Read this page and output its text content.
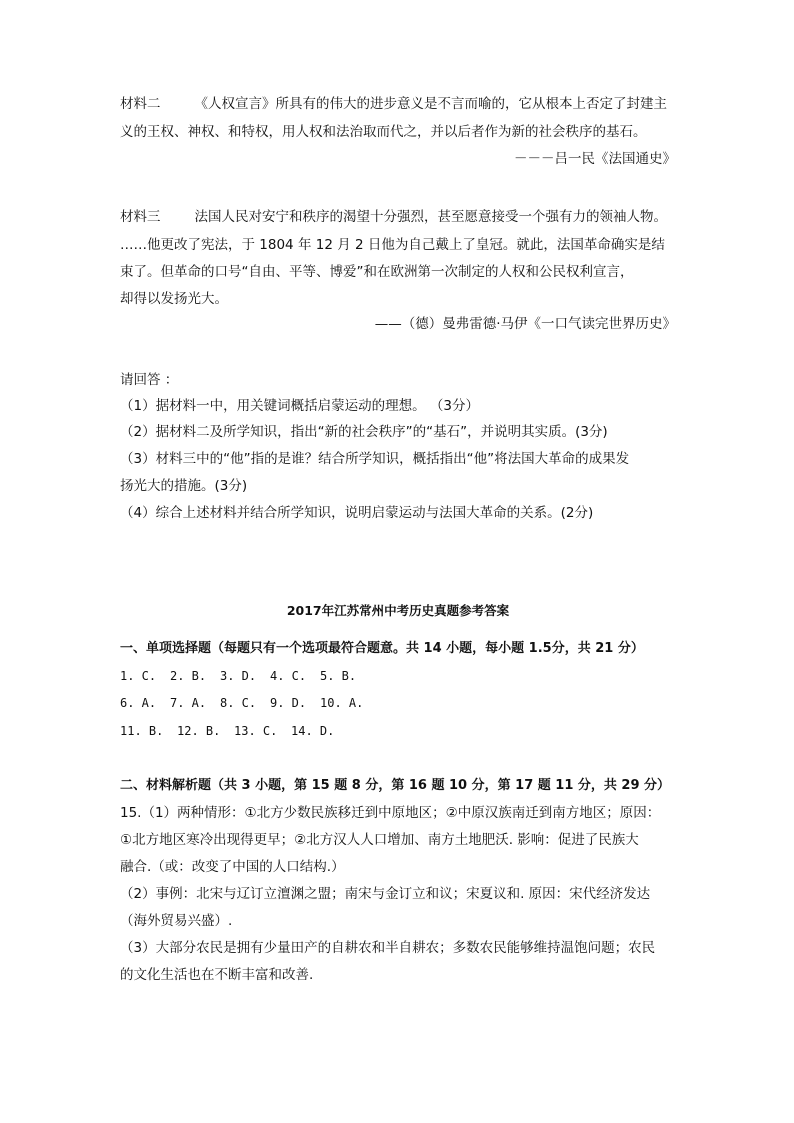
材料二	《人权宣言》所具有的伟大的进步意义是不言而喻的，它从根本上否定了封建主
义的王权、神权、和特权，用人权和法治取而代之，并以后者作为新的社会秩序的基石。
－－－吕一民《法国通史》
材料三	法国人民对安宁和秩序的渴望十分强烈，甚至愿意接受一个强有力的领袖人物。
……他更改了宪法，于 1804 年 12 月 2 日他为自己戴上了皇冠。就此，法国革命确实是结
束了。但革命的口号“自由、平等、博爱”和在欧洲第一次制定的人权和公民权利宣言，
却得以发扬光大。
——（德）曼弗雷德·马伊《一口气读完世界历史》
请回答 ：
（1）据材料一中，用关键词概括启蒙运动的理想。 （3分）
（2）据材料二及所学知识，指出“新的社会秩序”的“基石”，并说明其实质。(3分)
（3）材料三中的“他”指的是谁？结合所学知识，概括指出“他”将法国大革命的成果发
扬光大的措施。(3分)
（4）综合上述材料并结合所学知识，说明启蒙运动与法国大革命的关系。(2分)
2017年江苏常州中考历史真题参考答案
一、单项选择题（每题只有一个选项最符合题意。共 14 小题，每小题 1.5分，共 21 分）
1. C. 2. B. 3. D. 4. C. 5. B.
6. A. 7. A. 8. C. 9. D. 10. A.
11. B. 12. B. 13. C. 14. D.
二、材料解析题（共 3 小题，第 15 题 8 分，第 16 题 10 分，第 17 题 11 分，共 29 分）
15.（1）两种情形：①北方少数民族移迁到中原地区；②中原汉族南迁到南方地区；原因：
①北方地区寒冷出现得更早；②北方汉人人口增加、南方土地肥沃. 影响：促进了民族大
融合.（或：改变了中国的人口结构.）
（2）事例：北宋与辽订立澶渊之盟；南宋与金订立和议；宋夏议和. 原因：宋代经济发达
（海外贸易兴盛）.
（3）大部分农民是拥有少量田产的自耕农和半自耕农；多数农民能够维持温饱问题；农民
的文化生活也在不断丰富和改善.
